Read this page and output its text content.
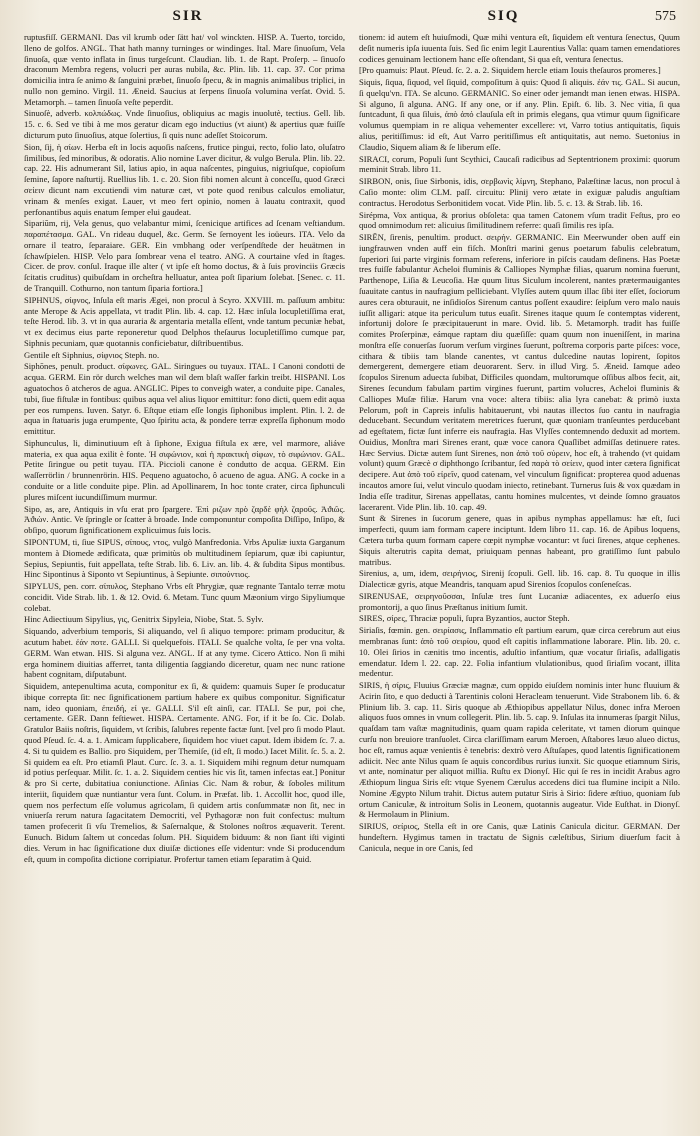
SIR	SIQ	575

ruptusfiſſ. GERMANI. Das vil krumb oder ſätt hat/ vol winckten. HISP. A. Tuerto, torcido, lleno de golfos. ANGL. That hath manny turninges or windinges. Ital. Mare ſinuoſum, Vela ſinuoſa, quæ vento inflata in ſinus turgeſcunt. Claudian. lib. 1. de Rapt. Proſerp. – ſinuoſo draconum Membra regens, volucri per auras nubila, &c. Plin. lib. 11. cap. 37. Cor prima domicilia intra ſe animo & ſanguini præbet, ſinuoſo ſpecu, & in magnis animalibus triplici, in nullo non gemino. Virgil. 11. Æneid. Saucius at ſerpens ſinuoſa volumina verſat. Ovid. 5. Metamorph. – tamen ſinuoſa veſte peperdit.

Sinuoſè, adverb. κολπώδως. Vnde ſinuoſius, obliquius ac magis inuolutè, tectius. Gell. lib. 15. c. 6. Sed ve tibi à me mos geratur dicam ego inductius (vt aiunt) & apertius quæ fuiſſe dicturum puto ſinuoſius, atque ſolertius, ſi quis nunc adeſſet Stoicorum.

Sion, ſij, ἡ σίων. Herba eſt in locis aquoſis naſcens, frutice pingui, recto, folio lato, oluſatro ſimilibus, ſed minoribus, & odoratis. Alio nomine Laver dicitur, & vulgo Berula. Plin. lib. 22. cap. 22. His adnumerant Sil, latius apio, in aqua naſcentes, pinguius, nigriuſque, copioſum ſemine, ſapore naſturtij. Ruellius lib. 1. c. 20. Sion fibi nomen alcunt à conceſſu, quod Græci σείειν dicunt nam excutiendi vim naturæ cæt, vt pote quod renibus calculos emoliatur, vrinam & menſes exigat. Lauer, vt meo fert opinio, nomen à lauatu contraxit, quod perfonantibus aquis enatum ſemper elui gaudeat.

Sipariūm, rij, Vela genus, quo velabantur mimi, ſcenicique artifices ad ſcenam veſtiandum. παραπέτασμα. GAL. Vn rideau duquel, &c. Germ. Se ſernoyent les ioüeurs. ITA. Velo da ornare il teatro, ſeparaiare. GER. Ein vmbhang oder verſpendſtede der heuätmen in ſchawſpielen. HISP. Velo para ſombrear vena el teatro. ANG. A courtaine vſed in ſtages. Cicer. de prov. conſul. Iraque ille alter ( vt ipſe eſt homo doctus, & à ſuis provinciis Græcis ſcitatis cruditus) quibuſdam in orcheſtra helluatur, antea poſt ſiparium ſolebat. [Senec. c. 11. de Tranquill. Cothurno, non tantum ſiparia fortiora.]

SIPHNUS, σίφνος, Inſula eſt maris Ægei, non procul à Scyro. XXVIII. m. paſſuum ambitu: ante Merope & Acis appellata, vt tradit Plin. lib. 4. cap. 12. Hæc inſula locupletiſſima erat, teſte Herod. lib. 3. vt in qua auraria & argentaria metalla eſſent, vnde tantum pecuniæ hebat, vt ex decimus eius parte reponeretur quod Delphos theſaurus locupletiſſimo cumque par, Siphnis pecuniam, quæ quotannis conficiebatur, diſtribuentibus.

Gentile eſt Siphnius, σίφνιος Steph. no.

Siphōnes, penult. product. σίφωνες. GAL. Siringues ou tuyaux. ITAL. I Canoni condotti de acqua. GERM. Ein rör durch welches man wil dem blaſt waſſer farkin treibt. HISPANI. Los aguatochos ô atcheros de agua. ANGLIC. Pipes to conveigh water, a conduite pipe. Canales, tubi, ſiue fiſtulæ in fontibus: quibus aqua vel alius liquor emittitur: fono dicti, quem edit aqua per eos rumpens. Iuven. Satyr. 6. Eſtque etiam eſſe longis ſiphonibus implent. Plin. l. 2. de aqua in ſtatuaris juga erumpente, Quo ſpiritu acta, & pondere terræ expreſſa ſiphonum modo emittitur.

Siphunculus, li, diminutiuum eſt à ſiphone, Exigua fiſtula ex ære, vel marmore, aliáve materia, ex qua aqua exilit è fonte. Ἡ σιφώνιον, καὶ ἡ πρακτικὴ σίφων, τὸ σιφώνιον. GAL. Petite ſiringue ou petit tuyau. ITA. Piccioli canone è condutto de acqua. GERM. Ein waſſerrörlin / brunnenrörin. HIS. Pequeno aguatocho, ô acueno de agua. ANG. A cocke in a conduite or a litle conduite pipe. Plin. ad Apollinarem, In hoc tonte crater, circa ſiphunculi plures miſcent iucundiſſimum murmur.

Sipo, as, are, Antiquis in vſu erat pro ſpargere. Ἐπὶ ριζων πρὸ ζαρδὲ φὴλ ζαροῦς. Ἀϑιῶς. Ἀϑιὼν. Antic. Ve ſpringle or ſcatter à broade. Inde componuntur compoſita Diſſipo, Inſipo, & obſipo, quorum ſignificationem explicuimus ſuis locis.

SIPONTUM, ti, ſiue SIPUS, σίπους, ντος, vulgò Manfredonia. Vrbs Apuliæ iuxta Garganum montem à Diomede ædificata, quæ primitùs ob multitudinem ſepiarum, quæ ibi capiuntur, Sepius, Sepiuntis, fuit appellata, teſte Strab. lib. 6. Liv. an. lib. 4. & ſubdita Sipus montibus. Hinc Sipontinus à Siponto vt Sepiuntinus, à Sepiunte. σιπούντιος.

SIPYLUS, pen. corr. σίπυλος, Stephano Vrbs eſt Phrygiæ, quæ regnante Tantalo terræ motu concidit. Vide Strab. lib. 1. & 12. Ovid. 6. Metam. Tunc quum Mæonium virgo Sipyliumque colebat.

Hinc Adiectiuum Sipylius, γις, Genitrix Sipyleia, Niobe, Stat. 5. Sylv.

Siquando, adverbium temporis, Si aliquando, vel ſi aliquo tempore: primam producitur, & acutum habet. ἐάν ποτε. GALLI. Si quelquefois. ITALI. Se qualche volta, ſe per vna volta. GERM. Wan etwan. HIS. Si alguna vez. ANGL. If at any tyme. Cicero Attico. Non ſi mihi erga hominem diuitias afferret, tanta diligentia ſaggiando diceretur, quam nec nunc ratione habent cognitam, diſputabunt.

Siquidem, antepenultima acuta, componitur ex ſi, & quidem: quamuis Super ſe producatur ibique correpta ſit: nec ſignificationem partium habere ex quibus componitur. Significatur nam, ideo quoniam, ἐπειδή, εἰ γε. GALLI. S'il eſt ainſi, car. ITALI. Se pur, poi che, certamente. GER. Dann feſtiewet. HISPA. Certamente. ANG. For, if it be ſo. Cic. Dolab. Gratulor Baiis noſtris, ſiquidem, vt ſcribis, ſalubres repente factæ ſunt. [vel pro ſi modo Plaut. quod Pſeud. ſc. 4. a. 1. Amicam ſupplicabere, ſiquidem hoc viuet caput. Idem ibidem ſc. 7. a. 4. Si tu quidem es Ballio. pro Siquidem, per Themiſe, (id eſt, ſi modo.) Iacet Milit. ſc. 5. a. 2. Si quidem ea eſt. Pro etiamſi Plaut. Curc. ſc. 3. a. 1. Siquidem mihi regnum detur numquam id potius perſequar. Milit. ſc. 1. a. 2. Siquidem centies hic vis ſit, tamen infectas eat.] Ponitur & pro Si certe, dubitatiua coniunctione. Aſinias Cic. Nam & robur, & ſoboles militum interiit, ſiquidem quæ nuntiantur vera ſunt. Colum. in Præfat. lib. 1. Accollit hoc, quod ille, quem nos perfectum eſſe volumus agricolam, ſi quidem artis conſummatæ non ſit, nec in vniuerſa rerum natura ſagacitatem Democriti, vel Pythagoræ non fuit confectus: multum tamen profecerit ſi vſu Tremelios, & Saſernalque, & Stolones noſtros æquaverit. Terent. Eunuch. Bidum ſaltem ut concedas ſolum. PH. Siquidem biduum: & non ſiant iſti viginti dies. Verum in hac ſignificatione dux diuiſæ dictiones eſſe videntur: vnde Si producendum eſt, quum in compoſita dictione corripiatur. Profertur tamen etiam ſeparatim à Quid.

tionem: id autem eſt huiuſmodi, Quæ mihi ventura eſt, ſiquidem eſt ventura ſenectus, Quum deſit numeris ipſa iuuenta ſuis. Sed ſic enim legit Laurentius Valla: quam tamen emendatiores codices genuinam lectionem hanc eſſe oſtendant, Si qua eſt, ventura ſenectus.

[Pro quamuis: Plaut. Pſeud. ſc. 2. a. 2. Siquidem hercle etiam Iouis theſauros promeres.]

Siquis, ſiqua, ſiquod, vel ſiquid, compoſitum à quis: Quod ſi aliquis. ἐάν τις. GAL. Si aucun, ſi quelqu'vn. ITA. Se alcuno. GERMANIC. So einer oder jemandt man ienen etwas. HISPA. Si alguno, ſi alguna. ANG. If any one, or if any. Plin. Epiſt. 6. lib. 3. Nec vitia, ſi qua ſuntcadunt, ſi qua ſiluis, ἀπὸ ἀπό clauſula eſt in primis elegans, qua vtimur quum ſignificare volumus quempiam in re aliqua vehementer excellere: vt, Varro totius antiquitatis, ſiquis alius, peritiſſimus: id eſt, Aut Varro peritiſſimus eſt antiquitatis, aut nemo. Suetonius in Claudio, Siquem aliam & ſe liberum eſſe.

SIRACI, corum, Populi ſunt Scythici, Caucaſi radicibus ad Septentrionem proximi: quorum meminit Strab. libro 11.

SIRBON, onis, ſiue Sirbonis, idis, σερβωνὶς λίμνη, Stephano, Palæſtinæ lacus, non procul à Caſio monte: olim CLM. paſſ. circuitu: Plinij vero ætate in exiguæ paludis anguſtiam contractus. Herodotus Serbonitidem vocat. Vide Plin. lib. 5. c. 13. & Strab. lib. 16.

Sirépma, Vox antiqua, & prorius obſoleta: qua tamen Catonem vſum tradit Feſtus, pro eo quod omnimodum ret: alicuius ſimilitudinem referre: quaſi ſimilis res ipſa.

SIRĒN, ſirenis, penultim. product. σειρήν. GERMANIC. Ein Meerwunder oben auff ein iungfrauwen vnden auff ein fiſch. Monſtri marini genus poetarum fabulis celebratum, ſuperiori ſui parte virginis formam referens, inferiore in piſcis caudam deſinens. Has Poetæ tres fuiſſe fabulantur Acheloi fluminis & Calliopes Nymphæ filias, quarum nomina fuerunt, Parthenope, Liſia & Leucoſia. Hæ quum litus Siculum incolerent, nantes prætermauigantes ſuauitate cantus in naufragium pelliciebant. Vlyſſes autem quum illac ſibi iter eſſet, ſociorum aures cera obturauit, ne inſidioſos Sirenum cantus poſſent exaudire: ſeipſum vero malo nauis iuſſit alligari: atque ita periculum tutus euaſit. Sirenes itaque quum ſe contemptas viderent, infortunij dolore ſe præcipitauerunt in mare. Ovid. lib. 5. Metamorph. tradit has fuiſſe comites Proſerpinæ, eámque raptam diu quæſiſſe: quam quum non inueniſſent, in marina monſtra eſſe conuerſas ſuorum verſum virgines ſuerunt, poſtrema corporis parte piſces: voce, cithara & tibiis tam blande canentes, vt cantus dulcedine nautas lopirent, ſopitos demergerent, demergere etiam deuorarent. Serv. in illud Virg. 5. Æneid. Iamque adeo ſcopulos Sirenum aduecta ſubibat, Difficiles quondam, multorumque oſſibus albos fecit, ait, Sirenes ſecundum fabulam partim virgines fuerunt, partim volucres, Acheloi fluminis & Calliopes Muſæ filiæ. Harum vna voce: altera tibiis: alia lyra canebat: & primò iuxta Pelorum, poſt in Capreis inſulis habitauerunt, vbi nautas illectos ſuo cantu in naufragia deducebant. Secundum veritatem meretrices fuerunt, quæ quoniam tranſeuntes perducebant ad egeſtatem, fictæ ſunt inferre eis naufragia. Has Vlyſſes contemnendo deduxit ad mortem. Ouidius, Monſtra mari Sirenes erant, quæ voce canora Quaſlibet admiſſas detinuere rates. Hæc Servius. Dictæ autem ſunt Sirenes, non ἀπὸ τοῦ σύρειν, hoc eſt, à trahendo (vt quidam volunt) quum Græcè σ diphthongo ſcribantur, ſed παρὰ τὸ σείειν, quod inter cætera ſignificat decipere. Aut ἀπὸ τοῦ εἰρεῖν, quod catenam, vel vinculum ſignificat: propterea quod aduenas incautos amore ſui, velut vinculo quodam iniecto, retinebant. Turnerus ſuis & vox quædam in India eſſe traditur, Sirenas appellatas, cantu homines mulcentes, vt deinde ſomno grauatos lacerarent. Vide Plin. lib. 10. cap. 49.

Sunt & Sirenes in ſucorum genere, quas in apibus nymphas appellamus: hæ eſt, ſuci imperfecti, quum iam formam capere inciptunt. Idem libro 11. cap. 16. de Apibus loquens, Cætera turba quum formam capere cœpit nymphæ vocantur: vt ſuci ſirenes, atque cephenes. Siquis alterutris capita demat, priuiquam pennas habeant, pro gratiſſimo ſunt pabulo matribus.

Sirenius, a, um, idem, σειρήνιος, Sirenij ſcopuli. Gell. lib. 16. cap. 8. Tu quoque in illis Dialecticæ gyris, atque Meandris, tanquam apud Sirenios ſcopulos conſeneſcas.

SIRENUSAE, σειρηνοῦσσαι, Inſulæ tres ſunt Lucaniæ adiacentes, ex aduerſo eius promontorij, a quo ſinus Præſtanus initium ſumit.

SIRES, σίρες, Thraciæ populi, ſupra Byzantios, auctor Steph.

Siriaſis, fœmin. gen. σειρίασις, Inflammatio eſt partium earum, quæ circa cerebrum aut eius membranas ſunt: ἀπὸ τοῦ σειρίου, quod eſt capitis inflammatione laborare. Plin. lib. 20. c. 10. Olei ſirios in cænitis tmo incentis, aduſtio infantium, quæ vocatur ſiriaſis, adalligatis emendatur. Idem l. 22. cap. 22. Folia infantium vlulationibus, quod ſiriaſim vocant, illita medentur.

SIRIS, ἡ σίρις, Fluuius Græciæ magnæ, cum oppido eiuſdem nominis inter hunc fluuium & Acirin ſito, e quo deducti à Tarentinis coloni Heracleam tenuerunt. Vide Strabonem lib. 6. & Plinium lib. 3. cap. 11. Siris quoque ab Æthiopibus appellatur Nilus, donec infra Meroen aliquos fuos omnes in vnum collegerit. Plin. lib. 5. cap. 9. Inſulas ita innumeras ſpargit Nilus, quaſdam tam vaſtæ magnitudinis, quam quam rapida celeritate, vt tamen diorum quinque curſu non breuiore tranſuolet. Circa clariſſimam earum Meroen, Aſtabores læuo alueo dictus, hoc eſt, ramus aquæ venientis è tenebris: dextrò vero Aſtuſapes, quod latentis ſignificationem adiicit. Nec ante Nilus quam ſe aquis concordibus rurius iunxit. Sic quoque etiamnum Siris, vt ante, nominatur per aliquot millia. Ruſtu ex Dionyſ. Hic qui ſe res in incidit Arabus agro Æthiopum lingua Siris eſt: vtque Syenem Cærulus accedens dici tua flumine incipit a Nilo. Nomine Ægypto Nilum trahit. Dictus autem putatur Siris à Sirio: ſidere æſtiuo, quoniam ſub ortum Caniculæ, & introitum Solis in Leonem, quotannis augeatur. Vide Euſthat. in Dionyſ. & Hermolaum in Plinium.

SIRIUS, σείριος, Stella eſt in ore Canis, quæ Latinis Canicula dicitur. GERMAN. Der hundeſtern. Hygimus tamen in tractatu de Signis cæleſtibus, Sirium diuerſum facit à Canicula, neque in ore Canis, ſed
